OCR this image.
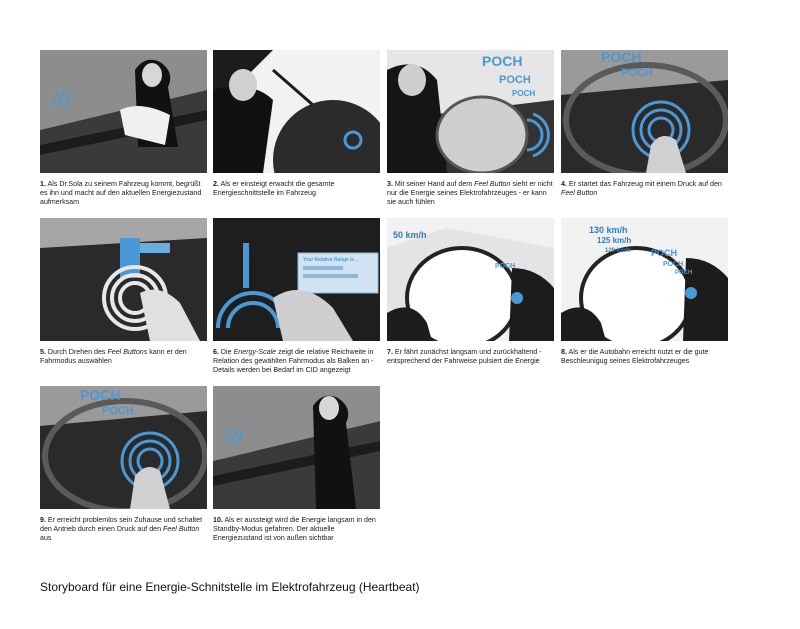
POCH
POCH
POCH
POCH
POCH
1. Als Dr.Sola zu seinem Fahrzeug kommt, begrüßt es ihn und macht auf den aktuellen Energiezustand aufmerksam
2. Als er einsteigt erwacht die gesamte Energieschnittstelle im Fahrzeug
3. Mit seiner Hand auf dem Feel Button sieht er nicht nur die Energie seines Elektrofahrzeuges - er kann sie auch fühlen
4. Er startet das Fahrzeug mit einem Druck auf den Feel Button
Your Relative Range is...
50 km/h
POCH
130 km/h
125 km/h
120 km/h POCH
POCH
POCH
5. Durch Drehen des Feel Buttons kann er den Fahrmodus auswählen
6. Die Energy-Scale zeigt die relative Reichweite in Relation des gewählten Fahrmodus als Balken an - Details werden bei Bedarf im CID angezeigt
7. Er fährt zunächst langsam und zurückhaltend - entsprechend der Fahrweise pulsiert die Energie
8. Als er die Autobahn erreicht nutzt er die gute Beschleunigug seines Elektrofahrzeuges
POCH
POCH
9. Er erreicht problemlos sein Zuhause und schaltet den Antrieb durch einen Druck auf den Feel Button aus
10. Als er aussteigt wird die Energie langsam in den Standby-Modus gefahren. Der aktuelle Energiezustand ist von außen sichtbar
Storyboard für eine Energie-Schnitstelle im Elektrofahrzeug (Heartbeat)
